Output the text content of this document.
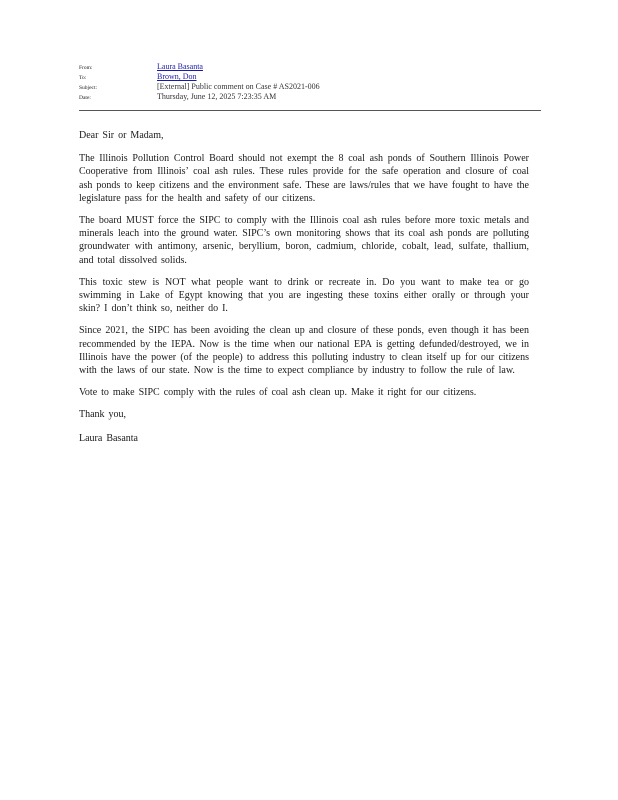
From:	Laura Basanta
To:	Brown, Don
Subject:	[External] Public comment on Case # AS2021-006
Date:	Thursday, June 12, 2025 7:23:35 AM

Dear Sir or Madam,

The Illinois Pollution Control Board should not exempt the 8 coal ash ponds of Southern Illinois Power Cooperative from Illinois’ coal ash rules. These rules provide for the safe operation and closure of coal ash ponds to keep citizens and the environment safe. These are laws/rules that we have fought to have the legislature pass for the health and safety of our citizens.

The board MUST force the SIPC to comply with the Illinois coal ash rules before more toxic metals and minerals leach into the ground water. SIPC’s own monitoring shows that its coal ash ponds are polluting groundwater with antimony, arsenic, beryllium, boron, cadmium, chloride, cobalt, lead, sulfate, thallium, and total dissolved solids.

This toxic stew is NOT what people want to drink or recreate in. Do you want to make tea or go swimming in Lake of Egypt knowing that you are ingesting these toxins either orally or through your skin? I don’t think so, neither do I.

Since 2021, the SIPC has been avoiding the clean up and closure of these ponds, even though it has been recommended by the IEPA. Now is the time when our national EPA is getting defunded/destroyed, we in Illinois have the power (of the people) to address this polluting industry to clean itself up for our citizens with the laws of our state. Now is the time to expect compliance by industry to follow the rule of law.

Vote to make SIPC comply with the rules of coal ash clean up. Make it right for our citizens.

Thank you,

Laura Basanta
